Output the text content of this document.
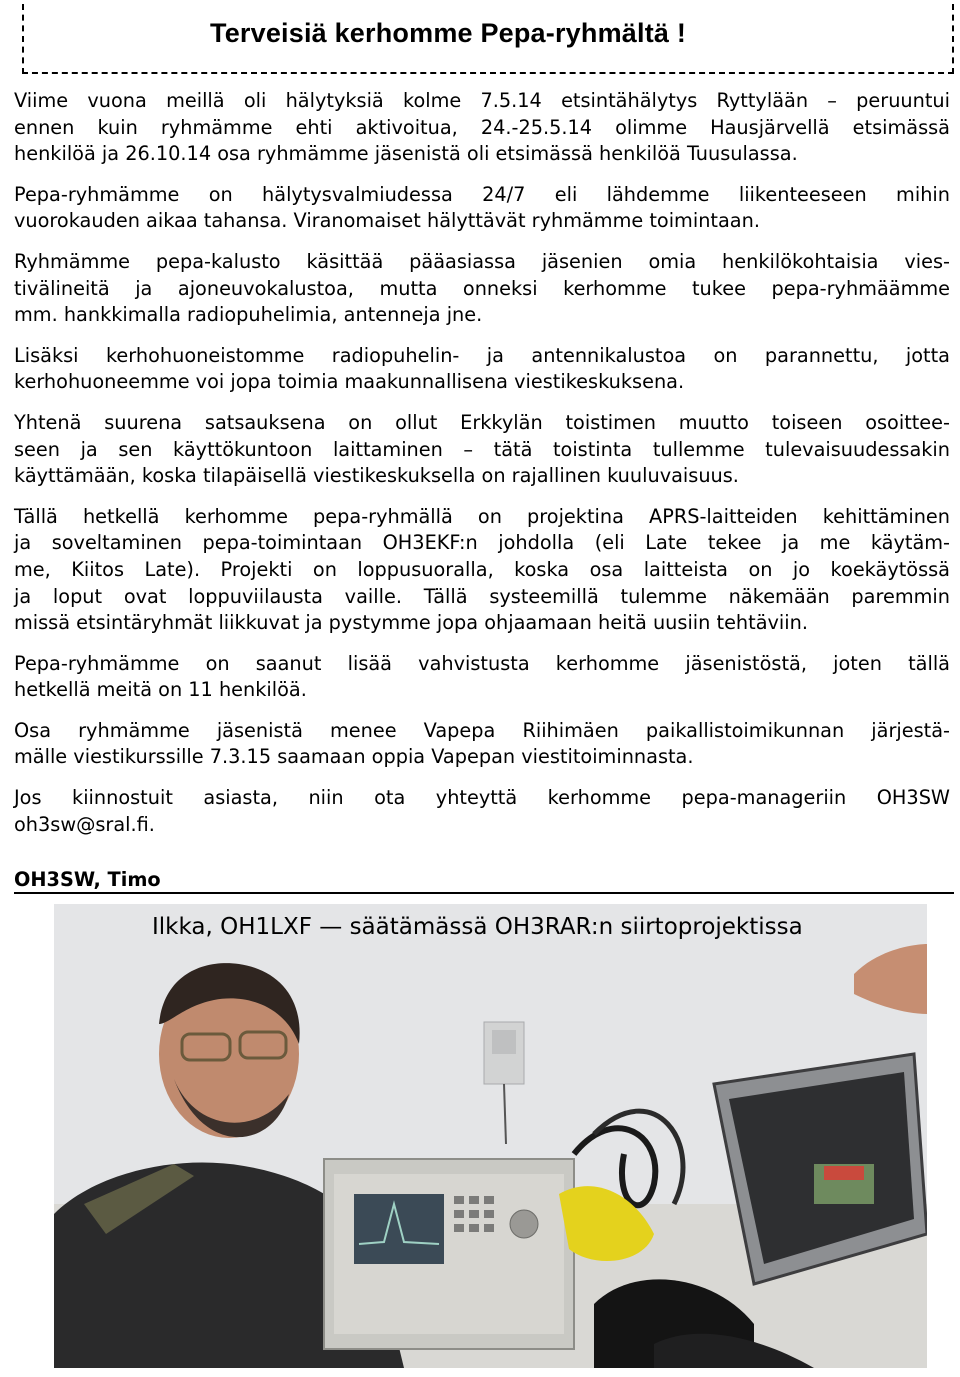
Terveisiä kerhomme Pepa-ryhmältä !

Viime vuona meillä oli hälytyksiä kolme 7.5.14 etsintähälytys Ryttylään – peruuntui
ennen kuin ryhmämme ehti aktivoitua, 24.-25.5.14 olimme Hausjärvellä etsimässä
henkilöä ja 26.10.14 osa ryhmämme jäsenistä oli etsimässä henkilöä Tuusulassa.

Pepa-ryhmämme on hälytysvalmiudessa 24/7 eli lähdemme liikenteeseen mihin
vuorokauden aikaa tahansa. Viranomaiset hälyttävät ryhmämme toimintaan.

Ryhmämme pepa-kalusto käsittää pääasiassa jäsenien omia henkilökohtaisia vies-
tivälineitä ja ajoneuvokalustoa, mutta onneksi kerhomme tukee pepa-ryhmäämme
mm. hankkimalla radiopuhelimia, antenneja jne.

Lisäksi kerhohuoneistomme radiopuhelin- ja antennikalustoa on parannettu, jotta
kerhohuoneemme voi jopa toimia maakunnallisena viestikeskuksena.

Yhtenä suurena satsauksena on ollut Erkkylän toistimen muutto toiseen osoittee-
seen ja sen käyttökuntoon laittaminen – tätä toistinta tullemme tulevaisuudessakin
käyttämään, koska tilapäisellä viestikeskuksella on rajallinen kuuluvaisuus.

Tällä hetkellä kerhomme pepa-ryhmällä on projektina APRS-laitteiden kehittäminen
ja soveltaminen pepa-toimintaan OH3EKF:n johdolla (eli Late tekee ja me käytäm-
me, Kiitos Late). Projekti on loppusuoralla, koska osa laitteista on jo koekäytössä
ja loput ovat loppuviilausta vaille. Tällä systeemillä tulemme näkemään paremmin
missä etsintäryhmät liikkuvat ja pystymme jopa ohjaamaan heitä uusiin tehtäviin.

Pepa-ryhmämme on saanut lisää vahvistusta kerhomme jäsenistöstä, joten tällä
hetkellä meitä on 11 henkilöä.

Osa ryhmämme jäsenistä menee Vapepa Riihimäen paikallistoimikunnan järjestä-
mälle viestikurssille 7.3.15 saamaan oppia Vapepan viestitoiminnasta.

Jos kiinnostuit asiasta, niin ota yhteyttä kerhomme pepa-manageriin OH3SW
oh3sw@sral.fi.

OH3SW, Timo
Ilkka, OH1LXF — säätämässä OH3RAR:n siirtoprojektissa
